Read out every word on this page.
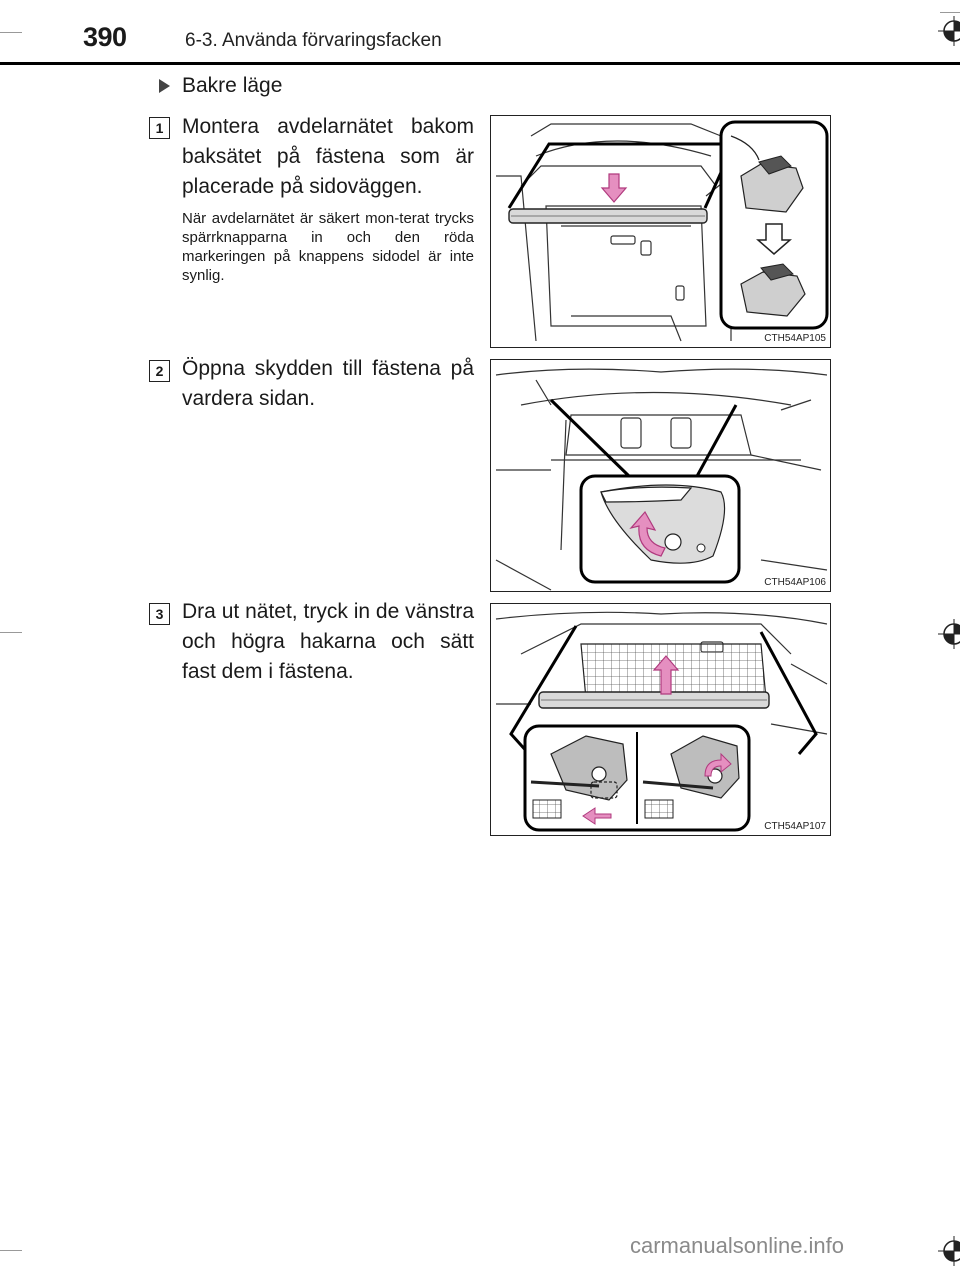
390	6-3. Använda förvaringsfacken
Bakre läge
1 Montera avdelarnätet bakom baksätet på fästena som är placerade på sidoväggen.
När avdelarnätet är säkert mon-terat trycks spärrknapparna in och den röda markeringen på knappens sidodel är inte synlig.
CTH54AP105
2 Öppna skydden till fästena på vardera sidan.
CTH54AP106
3 Dra ut nätet, tryck in de vänstra och högra hakarna och sätt fast dem i fästena.
CTH54AP107
carmanualsonline.info
